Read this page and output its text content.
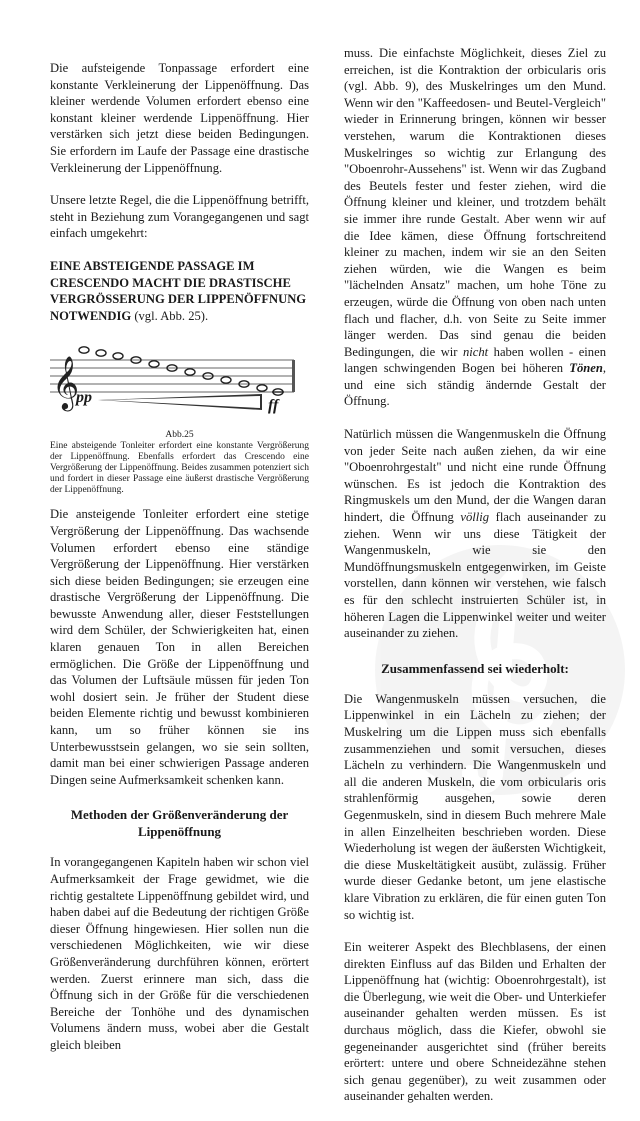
Die aufsteigende Tonpassage erfordert eine konstante Verkleinerung der Lippenöffnung. Das kleiner werdende Volumen erfordert ebenso eine konstant kleiner werdende Lippenöffnung. Hier verstärken sich jetzt diese beiden Bedingungen. Sie erfordern im Laufe der Passage eine drastische Verkleinerung der Lippenöffnung.

Unsere letzte Regel, die die Lippenöffnung betrifft, steht in Beziehung zum Vorangegangenen und sagt einfach umgekehrt:

EINE ABSTEIGENDE PASSAGE IM CRESCENDO MACHT DIE DRASTISCHE VERGRÖSSERUNG DER LIPPENÖFFNUNG NOTWENDIG (vgl. Abb. 25).

𝄞
pp	ff

Abb.25

Eine absteigende Tonleiter erfordert eine konstante Vergrößerung der Lippenöffnung. Ebenfalls erfordert das Crescendo eine Vergrößerung der Lippenöffnung. Beides zusammen potenziert sich und fordert in dieser Passage eine äußerst drastische Vergrößerung der Lippenöffnung.

Die ansteigende Tonleiter erfordert eine stetige Vergrößerung der Lippenöffnung. Das wachsende Volumen erfordert ebenso eine ständige Vergrößerung der Lippenöffnung. Hier verstärken sich diese beiden Bedingungen; sie erzeugen eine drastische Vergrößerung der Lippenöffnung. Die bewusste Anwendung aller, dieser Feststellungen wird dem Schüler, der Schwierigkeiten hat, einen klaren genauen Ton in allen Bereichen ermöglichen. Die Größe der Lippenöffnung und das Volumen der Luftsäule müssen für jeden Ton wohl dosiert sein. Je früher der Student diese beiden Elemente richtig und bewusst kombinieren kann, um so früher können sie ins Unterbewusstsein gelangen, wo sie sein sollten, damit man bei einer schwierigen Passage anderen Dingen seine Aufmerksamkeit schenken kann.

Methoden der Größenveränderung der Lippenöffnung

In vorangegangenen Kapiteln haben wir schon viel Aufmerksamkeit der Frage gewidmet, wie die richtig gestaltete Lippenöffnung gebildet wird, und haben dabei auf die Bedeutung der richtigen Größe dieser Öffnung hingewiesen. Hier sollen nun die verschiedenen Möglichkeiten, wie wir diese Größenveränderung durchführen können, erörtert werden. Zuerst erinnere man sich, dass die Öffnung sich in der Größe für die verschiedenen Bereiche der Tonhöhe und des dynamischen Volumens ändern muss, wobei aber die Gestalt gleich bleiben

muss. Die einfachste Möglichkeit, dieses Ziel zu erreichen, ist die Kontraktion der orbicularis oris (vgl. Abb. 9), des Muskelringes um den Mund. Wenn wir den "Kaffeedosen- und Beutel-Vergleich" wieder in Erinnerung bringen, können wir besser verstehen, warum die Kontraktionen dieses Muskelringes so wichtig zur Erlangung des "Oboenrohr-Aussehens" ist. Wenn wir das Zugband des Beutels fester und fester ziehen, wird die Öffnung kleiner und kleiner, und trotzdem behält sie immer ihre runde Gestalt. Aber wenn wir auf die Idee kämen, diese Öffnung fortschreitend kleiner zu machen, indem wir sie an den Seiten ziehen würden, wie die Wangen es beim "lächelnden Ansatz" machen, um hohe Töne zu erzeugen, würde die Öffnung von oben nach unten flach und flacher, d.h. von Seite zu Seite immer länger werden. Das sind genau die beiden Bedingungen, die wir nicht haben wollen - einen langen schwingenden Bogen bei höheren Tönen, und eine sich ständig ändernde Gestalt der Öffnung.

Natürlich müssen die Wangenmuskeln die Öffnung von jeder Seite nach außen ziehen, da wir eine "Oboenrohrgestalt" und nicht eine runde Öffnung wünschen. Es ist jedoch die Kontraktion des Ringmuskels um den Mund, der die Wangen daran hindert, die Öffnung völlig flach auseinander zu ziehen. Wenn wir uns diese Tätigkeit der Wangenmuskeln, wie sie den Mundöffnungsmuskeln entgegenwirken, im Geiste vorstellen, dann können wir verstehen, wie falsch es für den schlecht instruierten Schüler ist, in höheren Lagen die Lippenwinkel weiter und weiter auseinander zu ziehen.

Zusammenfassend sei wiederholt:

Die Wangenmuskeln müssen versuchen, die Lippenwinkel in ein Lächeln zu ziehen; der Muskelring um die Lippen muss sich ebenfalls zusammenziehen und somit versuchen, dieses Lächeln zu verhindern. Die Wangenmuskeln und all die anderen Muskeln, die vom orbicularis oris strahlenförmig ausgehen, sowie deren Gegenmuskeln, sind in diesem Buch mehrere Male in allen Einzelheiten beschrieben worden. Diese Wiederholung ist wegen der äußersten Wichtigkeit, die diese Muskeltätigkeit ausübt, zulässig. Früher wurde dieser Gedanke betont, um jene elastische klare Vibration zu erklären, die für einen guten Ton so wichtig ist.

Ein weiterer Aspekt des Blechblasens, der einen direkten Einfluss auf das Bilden und Erhalten der Lippenöffnung hat (wichtig: Oboenrohrgestalt), ist die Überlegung, wie weit die Ober- und Unterkiefer auseinander gehalten werden müssen. Es ist durchaus möglich, dass die Kiefer, obwohl sie gegeneinander ausgerichtet sind (früher bereits erörtert: untere und obere Schneidezähne stehen sich genau gegenüber), zu weit zusammen oder auseinander gehalten werden.
